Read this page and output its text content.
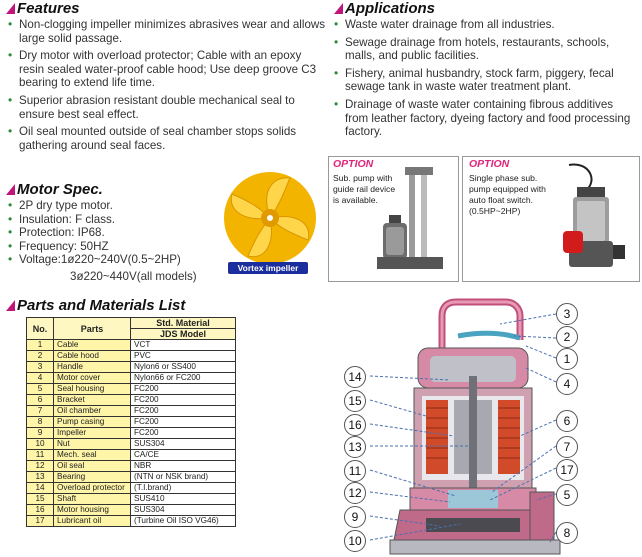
Features
• Non-clogging impeller minimizes abrasives wear and allows large solid passage.
• Dry motor with overload protector; Cable with an epoxy resin sealed water-proof cable hood; Use deep groove C3 bearing to extend life time.
• Superior abrasion resistant double mechanical seal to ensure best seal effect.
• Oil seal mounted outside of seal chamber stops solids gathering around seal faces.
Applications
• Waste water drainage from all industries.
• Sewage drainage from hotels, restaurants, schools, malls, and public facilities.
• Fishery, animal husbandry, stock farm, piggery, fecal sewage tank in waste water treatment plant.
• Drainage of waste water containing fibrous additives from leather factory, dyeing factory and food processing factory.
OPTION
Sub. pump with
guide rail device
is available.
OPTION
Single phase sub.
pump equipped with
auto float switch.
(0.5HP~2HP)
Motor Spec.
• 2P dry type motor.
• Insulation: F class.
• Protection: IP68.
• Frequency: 50HZ
• Voltage:1ø220~240V(0.5~2HP)
3ø220~440V(all models)
Vortex impeller
Parts and Materials List
No.	Parts	Std. Material
		JDS Model
1	Cable	VCT
2	Cable hood	PVC
3	Handle	Nylon6 or SS400
4	Motor cover	Nylon66 or FC200
5	Seal housing	FC200
6	Bracket	FC200
7	Oil chamber	FC200
8	Pump casing	FC200
9	Impeller	FC200
10	Nut	SUS304
11	Mech. seal	CA/CE
12	Oil seal	NBR
13	Bearing	(NTN or NSK brand)
14	Overload protector	(T.I.brand)
15	Shaft	SUS410
16	Motor housing	SUS304
17	Lubricant oil	(Turbine Oil ISO VG46)
3
2
1
4
6
7
17
5
8
14
15
16
13
11
12
9
10
